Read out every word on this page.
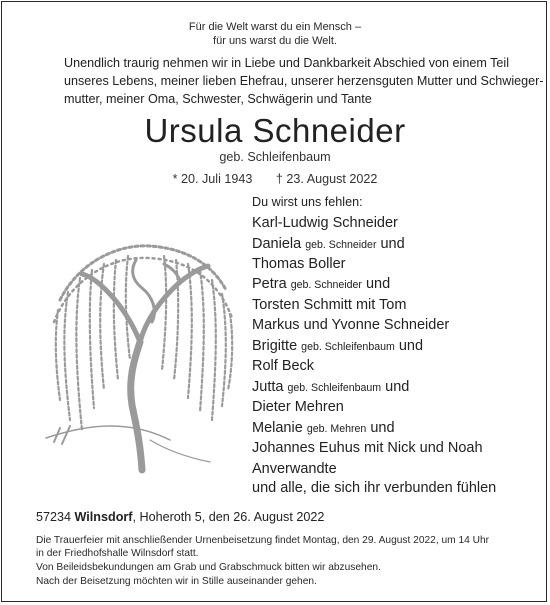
Für die Welt warst du ein Mensch –
für uns warst du die Welt.
Unendlich traurig nehmen wir in Liebe und Dankbarkeit Abschied von einem Teil
unseres Lebens, meiner lieben Ehefrau, unserer herzensguten Mutter und Schwieger-
mutter, meiner Oma, Schwester, Schwägerin und Tante
Ursula Schneider
geb. Schleifenbaum
* 20. Juli 1943 † 23. August 2022
Du wirst uns fehlen:
Karl-Ludwig Schneider
Daniela geb. Schneider und
Thomas Boller
Petra geb. Schneider und
Torsten Schmitt mit Tom
Markus und Yvonne Schneider
Brigitte geb. Schleifenbaum und
Rolf Beck
Jutta geb. Schleifenbaum und
Dieter Mehren
Melanie geb. Mehren und
Johannes Euhus mit Nick und Noah
Anverwandte
und alle, die sich ihr verbunden fühlen
57234 Wilnsdorf, Hoheroth 5, den 26. August 2022
Die Trauerfeier mit anschließender Urnenbeisetzung findet Montag, den 29. August 2022, um 14 Uhr
in der Friedhofshalle Wilnsdorf statt.
Von Beileidsbekundungen am Grab und Grabschmuck bitten wir abzusehen.
Nach der Beisetzung möchten wir in Stille auseinander gehen.
